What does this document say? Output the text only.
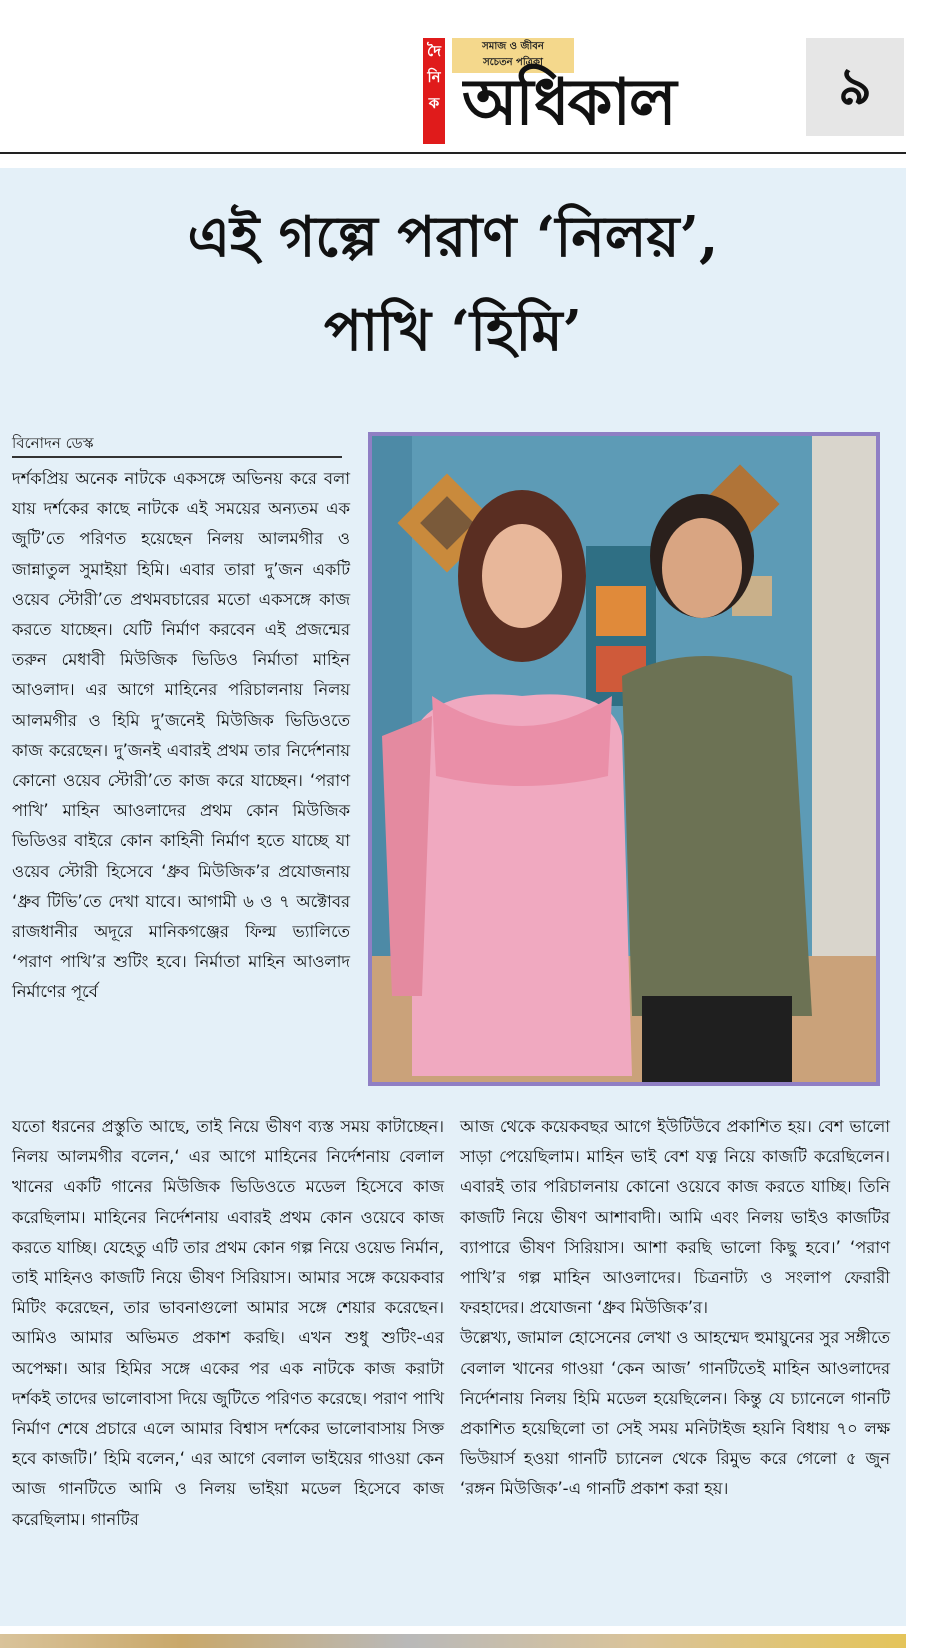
দৈ
নি
ক
সমাজ ও জীবন
সচেতন পত্রিকা
অধিকাল	৯
এই গল্পে পরাণ ‘নিলয়’,
পাখি ‘হিমি’
বিনোদন ডেস্ক

দর্শকপ্রিয় অনেক নাটকে একসঙ্গে অভিনয় করে বলা যায় দর্শকের কাছে নাটকে এই সময়ের অন্যতম এক জুটি’তে পরিণত হয়েছেন নিলয় আলমগীর ও জান্নাতুল সুমাইয়া হিমি। এবার তারা দু’জন একটি ওয়েব স্টোরী’তে প্রথমবচারের মতো একসঙ্গে কাজ করতে যাচ্ছেন। যেটি নির্মাণ করবেন এই প্রজন্মের তরুন মেধাবী মিউজিক ভিডিও নির্মাতা মাহিন আওলাদ। এর আগে মাহিনের পরিচালনায় নিলয় আলমগীর ও হিমি দু’জনেই মিউজিক ভিডিওতে কাজ করেছেন। দু’জনই এবারই প্রথম তার নির্দেশনায় কোনো ওয়েব স্টোরী’তে কাজ করে যাচ্ছেন। ‘পরাণ পাখি’ মাহিন আওলাদের প্রথম কোন মিউজিক ভিডিওর বাইরে কোন কাহিনী নির্মাণ হতে যাচ্ছে যা ওয়েব স্টোরী হিসেবে ‘ধ্রুব মিউজিক’র প্রযোজনায় ‘ধ্রুব টিভি’তে দেখা যাবে। আগামী ৬ ও ৭ অক্টোবর রাজধানীর অদূরে মানিকগঞ্জের ফিল্ম ভ্যালিতে ‘পরাণ পাখি’র শুটিং হবে। নির্মাতা মাহিন আওলাদ নির্মাণের পূর্বে

যতো ধরনের প্রস্তুতি আছে, তাই নিয়ে ভীষণ ব্যস্ত সময় কাটাচ্ছেন। নিলয় আলমগীর বলেন,‘ এর আগে মাহিনের নির্দেশনায় বেলাল খানের একটি গানের মিউজিক ভিডিওতে মডেল হিসেবে কাজ করেছিলাম। মাহিনের নির্দেশনায় এবারই প্রথম কোন ওয়েবে কাজ করতে যাচ্ছি। যেহেতু এটি তার প্রথম কোন গল্প নিয়ে ওয়েভ নির্মান, তাই মাহিনও কাজটি নিয়ে ভীষণ সিরিয়াস। আমার সঙ্গে কয়েকবার মিটিং করেছেন, তার ভাবনাগুলো আমার সঙ্গে শেয়ার করেছেন। আমিও আমার অভিমত প্রকাশ করছি। এখন শুধু শুটিং-এর অপেক্ষা। আর হিমির সঙ্গে একের পর এক নাটকে কাজ করাটা দর্শকই তাদের ভালোবাসা দিয়ে জুটিতে পরিণত করেছে। পরাণ পাখি নির্মাণ শেষে প্রচারে এলে আমার বিশ্বাস দর্শকের ভালোবাসায় সিক্ত হবে কাজটি।’ হিমি বলেন,‘ এর আগে বেলাল ভাইয়ের গাওয়া কেন আজ গানটিতে আমি ও নিলয় ভাইয়া মডেল হিসেবে কাজ করেছিলাম। গানটির

আজ থেকে কয়েকবছর আগে ইউটিউবে প্রকাশিত হয়। বেশ ভালো সাড়া পেয়েছিলাম। মাহিন ভাই বেশ যত্ন নিয়ে কাজটি করেছিলেন। এবারই তার পরিচালনায় কোনো ওয়েবে কাজ করতে যাচ্ছি। তিনি কাজটি নিয়ে ভীষণ আশাবাদী। আমি এবং নিলয় ভাইও কাজটির ব্যাপারে ভীষণ সিরিয়াস। আশা করছি ভালো কিছু হবে।’ ‘পরাণ পাখি’র গল্প মাহিন আওলাদের। চিত্রনাট্য ও সংলাপ ফেরারী ফরহাদের। প্রযোজনা ‘ধ্রুব মিউজিক’র।

উল্লেখ্য, জামাল হোসেনের লেখা ও আহম্মেদ হুমায়ুনের সুর সঙ্গীতে বেলাল খানের গাওয়া ‘কেন আজ’ গানটিতেই মাহিন আওলাদের নির্দেশনায় নিলয় হিমি মডেল হয়েছিলেন। কিন্তু যে চ্যানেলে গানটি প্রকাশিত হয়েছিলো তা সেই সময় মনিটাইজ হয়নি বিধায় ৭০ লক্ষ ভিউয়ার্স হওয়া গানটি চ্যানেল থেকে রিমুভ করে গেলো ৫ জুন ‘রঙ্গন মিউজিক’-এ গানটি প্রকাশ করা হয়।
